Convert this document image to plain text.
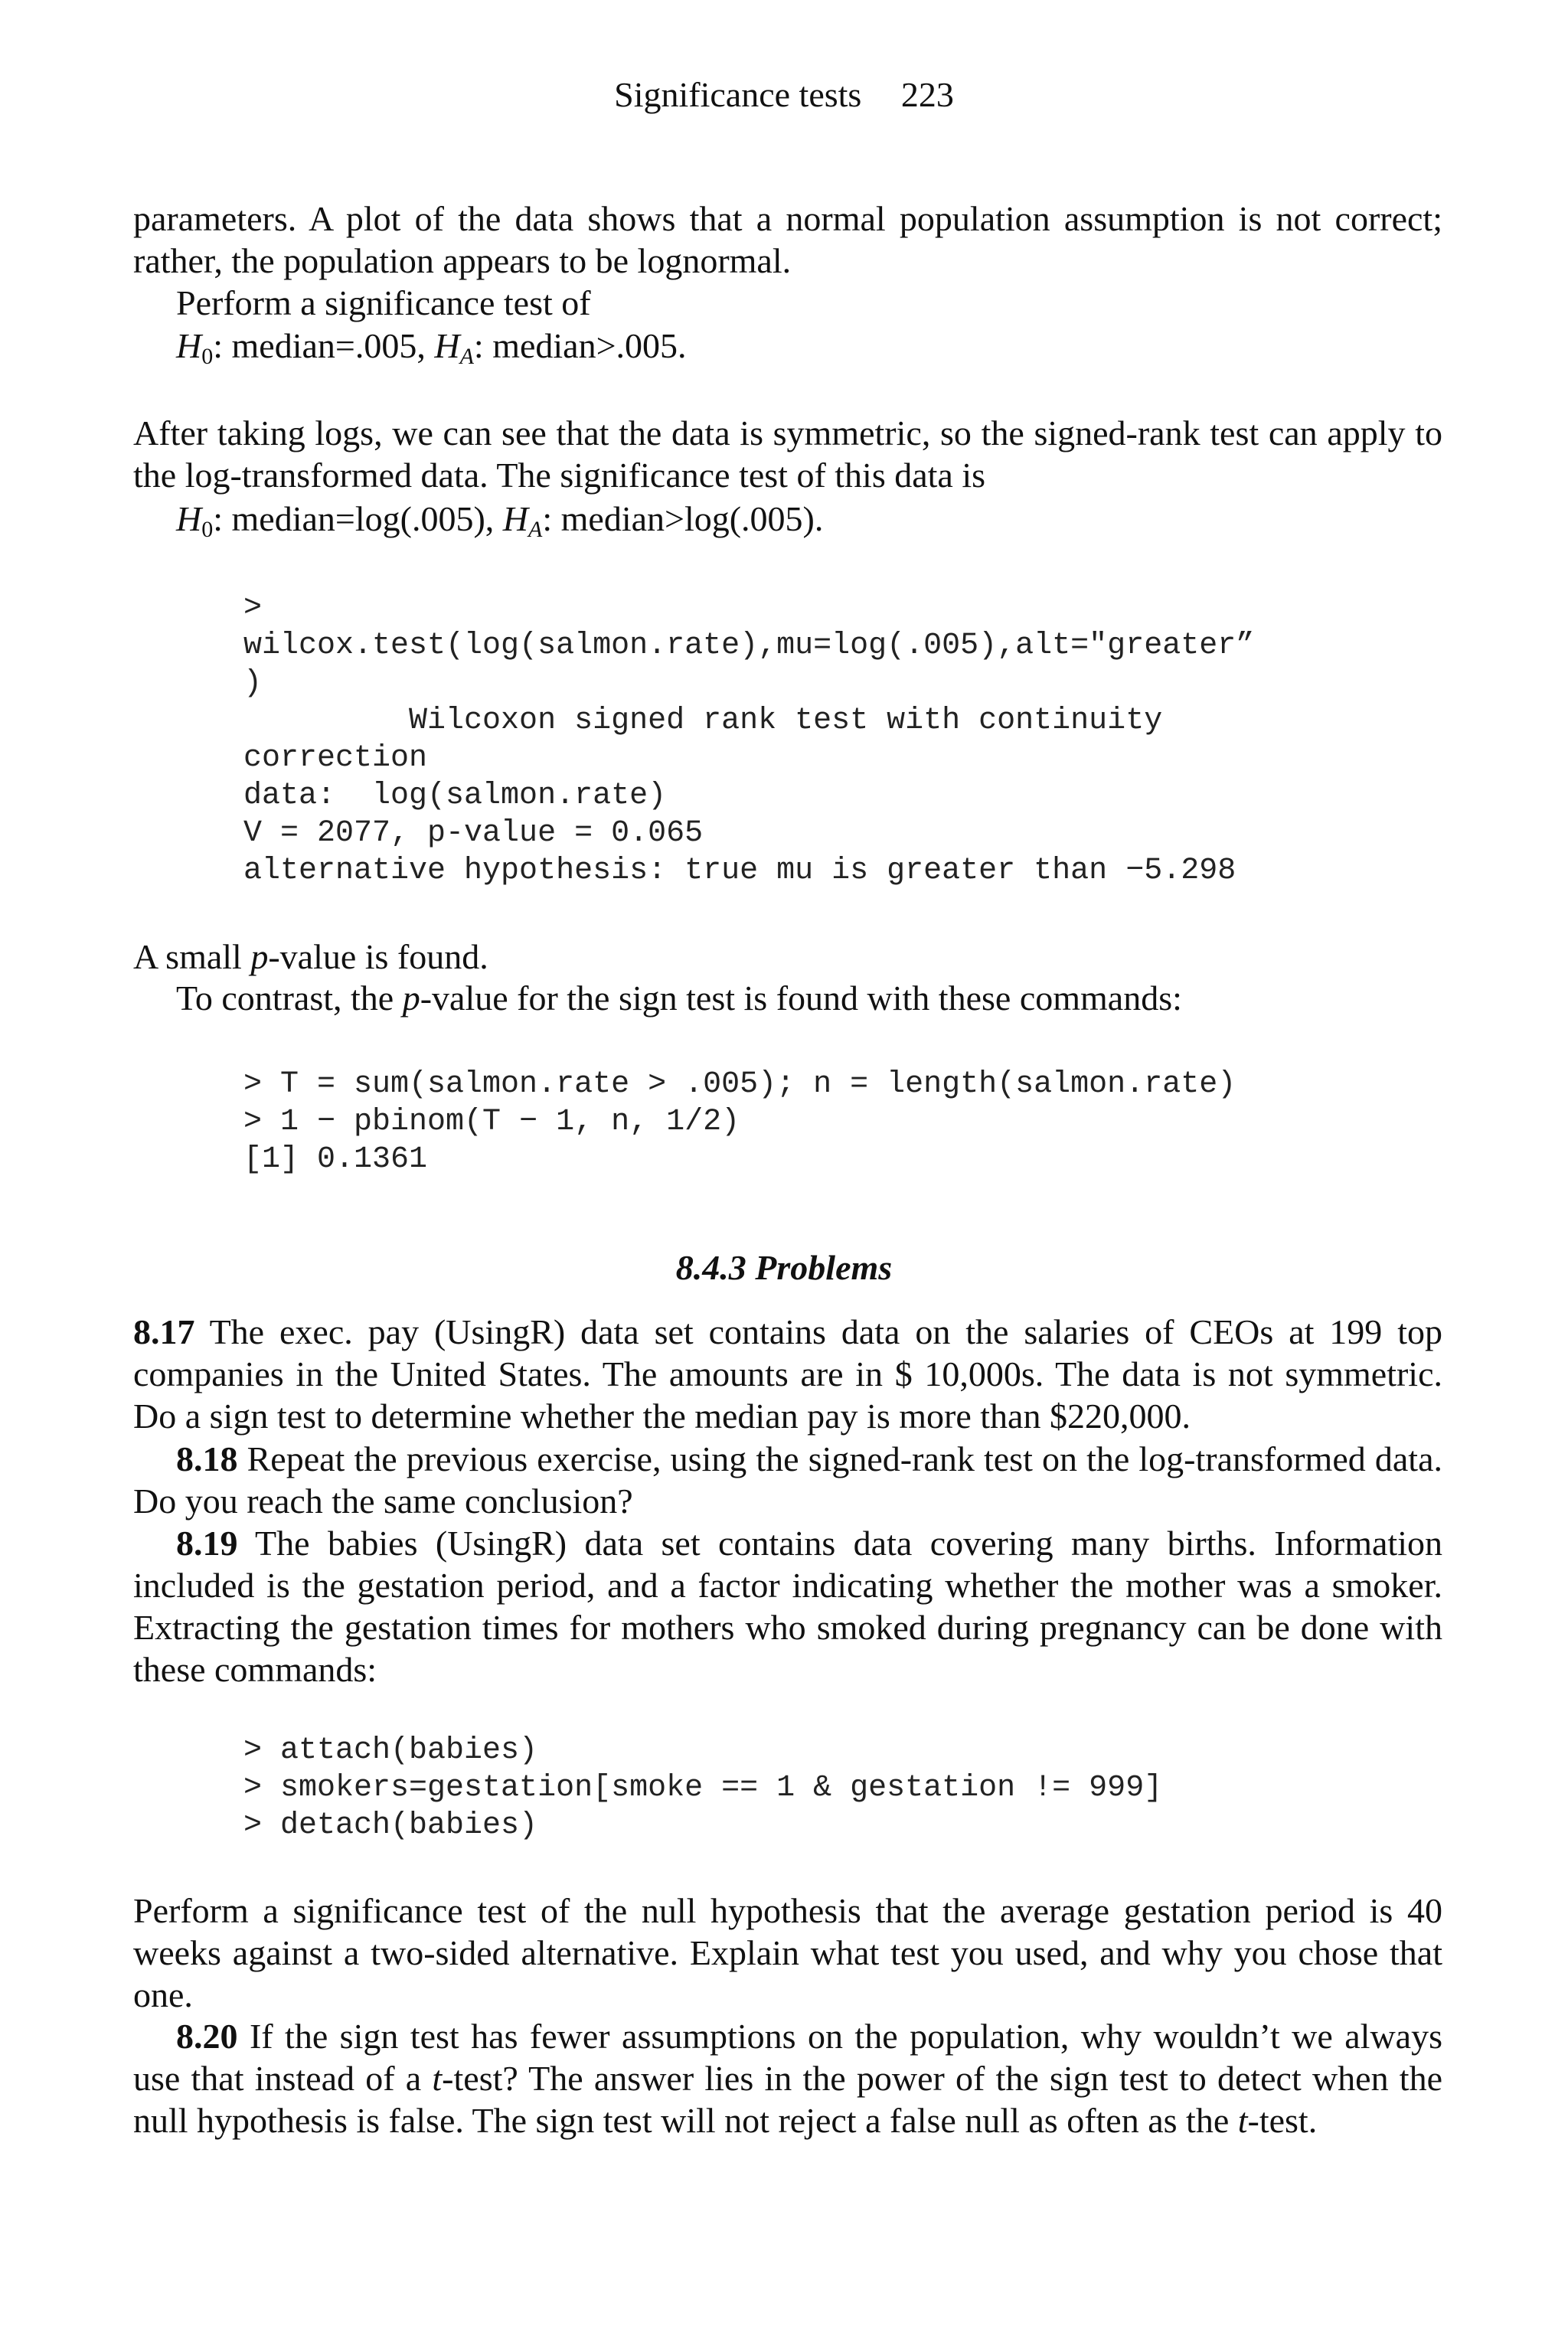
Significance tests 223
parameters. A plot of the data shows that a normal population assumption is not correct; rather, the population appears to be lognormal.
Perform a significance test of
$H_0$: median=.005, $H_A$: median>.005.
After taking logs, we can see that the data is symmetric, so the signed-rank test can apply to the log-transformed data. The significance test of this data is
$H_0$: median=log(.005), $H_A$: median>log(.005).
>
wilcox.test(log(salmon.rate),mu=log(.005),alt="greater”
)
Wilcoxon signed rank test with continuity
correction
data:  log(salmon.rate)
V = 2077, p-value = 0.065
alternative hypothesis: true mu is greater than −5.298
A small p-value is found.
To contrast, the p-value for the sign test is found with these commands:
> T = sum(salmon.rate > .005); n = length(salmon.rate)
> 1 − pbinom(T − 1, n, 1/2)
[1] 0.1361
8.4.3 Problems
8.17 The exec. pay (UsingR) data set contains data on the salaries of CEOs at 199 top companies in the United States. The amounts are in $ 10,000s. The data is not symmetric. Do a sign test to determine whether the median pay is more than $220,000.
8.18 Repeat the previous exercise, using the signed-rank test on the log-transformed data. Do you reach the same conclusion?
8.19 The babies (UsingR) data set contains data covering many births. Information included is the gestation period, and a factor indicating whether the mother was a smoker. Extracting the gestation times for mothers who smoked during pregnancy can be done with these commands:
> attach(babies)
> smokers=gestation[smoke == 1 & gestation != 999]
> detach(babies)
Perform a significance test of the null hypothesis that the average gestation period is 40 weeks against a two-sided alternative. Explain what test you used, and why you chose that one.
8.20 If the sign test has fewer assumptions on the population, why wouldn’t we always use that instead of a t-test? The answer lies in the power of the sign test to detect when the null hypothesis is false. The sign test will not reject a false null as often as the t-test.
